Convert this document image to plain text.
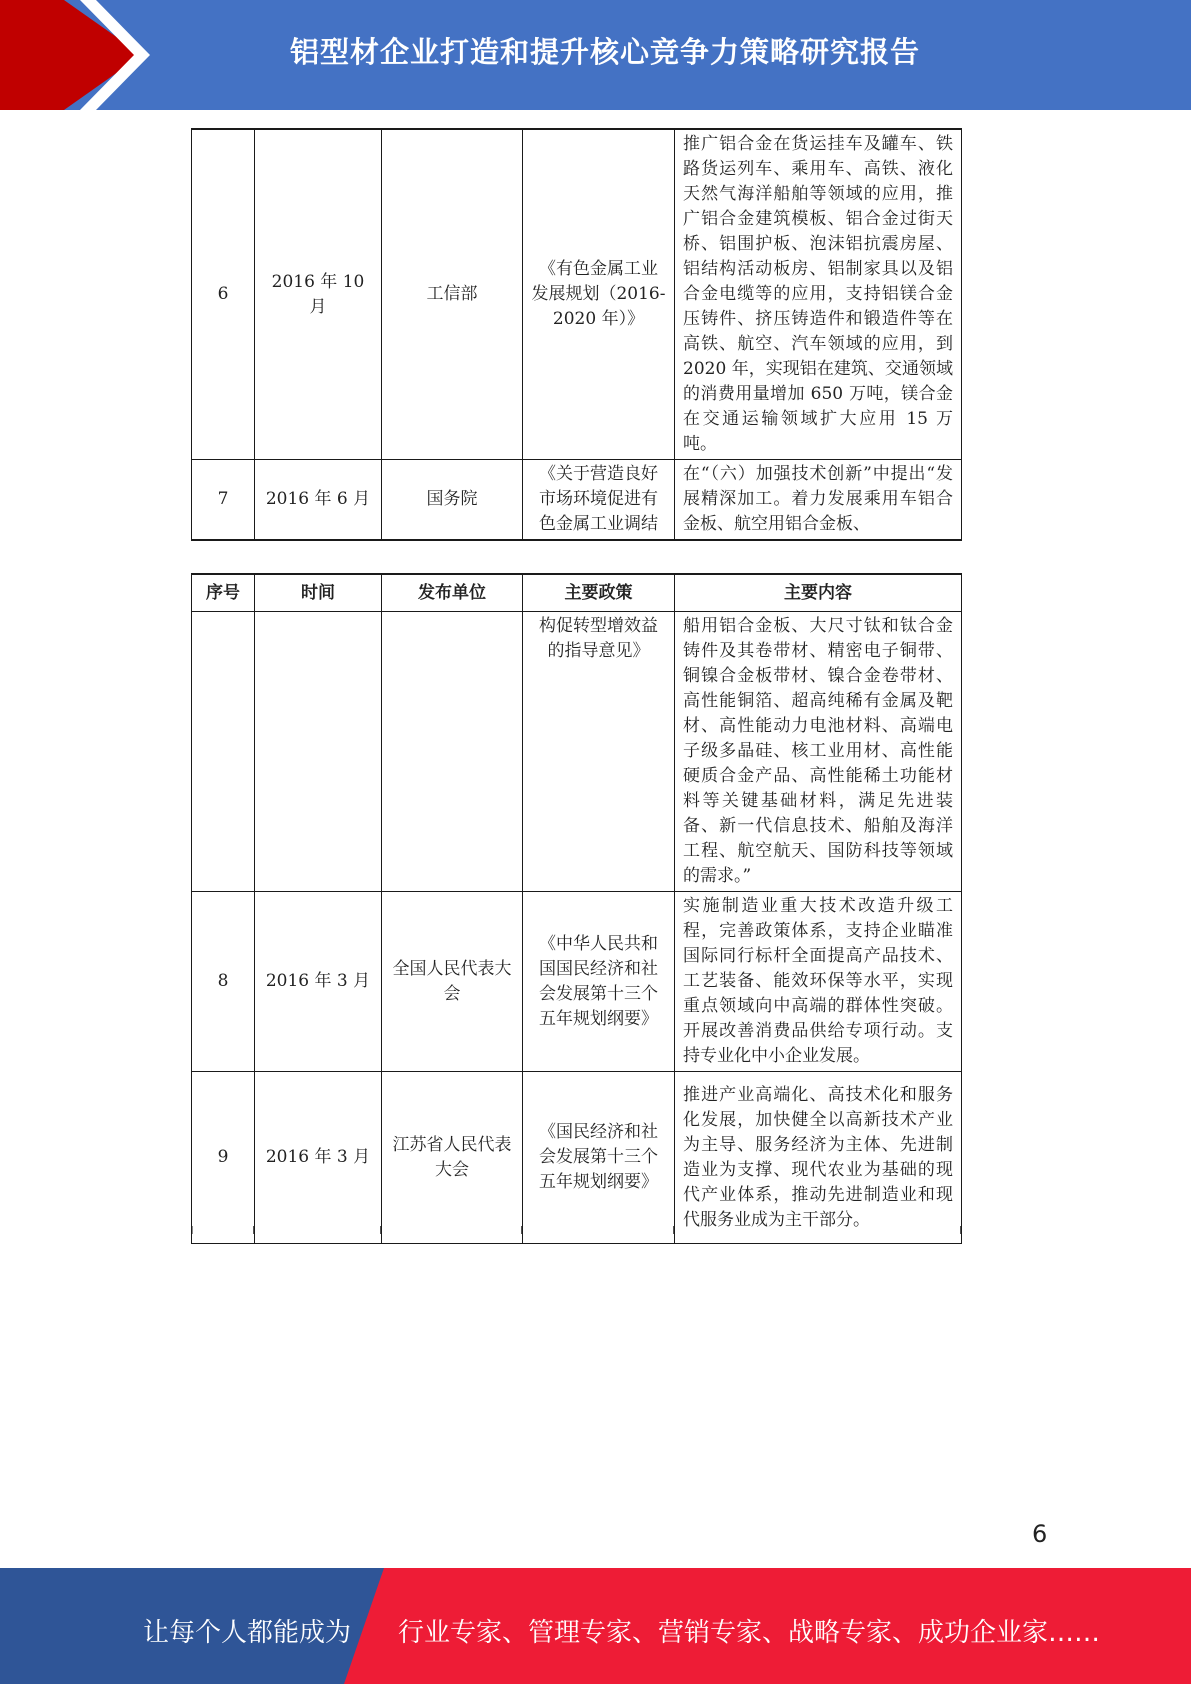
铝型材企业打造和提升核心竞争力策略研究报告
6	2016 年 10 月	工信部	《有色金属工业发展规划（2016-2020 年）》	推广铝合金在货运挂车及罐车、铁路货运列车、乘用车、高铁、液化天然气海洋船舶等领域的应用，推广铝合金建筑模板、铝合金过街天桥、铝围护板、泡沫铝抗震房屋、铝结构活动板房、铝制家具以及铝合金电缆等的应用，支持铝镁合金压铸件、挤压铸造件和锻造件等在高铁、航空、汽车领域的应用，到 2020 年，实现铝在建筑、交通领域的消费用量增加 650 万吨，镁合金在交通运输领域扩大应用 15 万吨。
7	2016 年 6 月	国务院	《关于营造良好市场环境促进有色金属工业调结	在“（六）加强技术创新”中提出“发展精深加工。着力发展乘用车铝合金板、航空用铝合金板、
序号	时间	发布单位	主要政策	主要内容
			构促转型增效益的指导意见》	船用铝合金板、大尺寸钛和钛合金铸件及其卷带材、精密电子铜带、铜镍合金板带材、镍合金卷带材、高性能铜箔、超高纯稀有金属及靶材、高性能动力电池材料、高端电子级多晶硅、核工业用材、高性能硬质合金产品、高性能稀土功能材料等关键基础材料，满足先进装备、新一代信息技术、船舶及海洋工程、航空航天、国防科技等领域的需求。”
8	2016 年 3 月	全国人民代表大会	《中华人民共和国国民经济和社会发展第十三个五年规划纲要》	实施制造业重大技术改造升级工程，完善政策体系，支持企业瞄准国际同行标杆全面提高产品技术、工艺装备、能效环保等水平，实现重点领域向中高端的群体性突破。开展改善消费品供给专项行动。支持专业化中小企业发展。
9	2016 年 3 月	江苏省人民代表大会	《国民经济和社会发展第十三个五年规划纲要》	推进产业高端化、高技术化和服务化发展，加快健全以高新技术产业为主导、服务经济为主体、先进制造业为支撑、现代农业为基础的现代产业体系，推动先进制造业和现代服务业成为主干部分。
6
让每个人都能成为 行业专家、管理专家、营销专家、战略专家、成功企业家……
